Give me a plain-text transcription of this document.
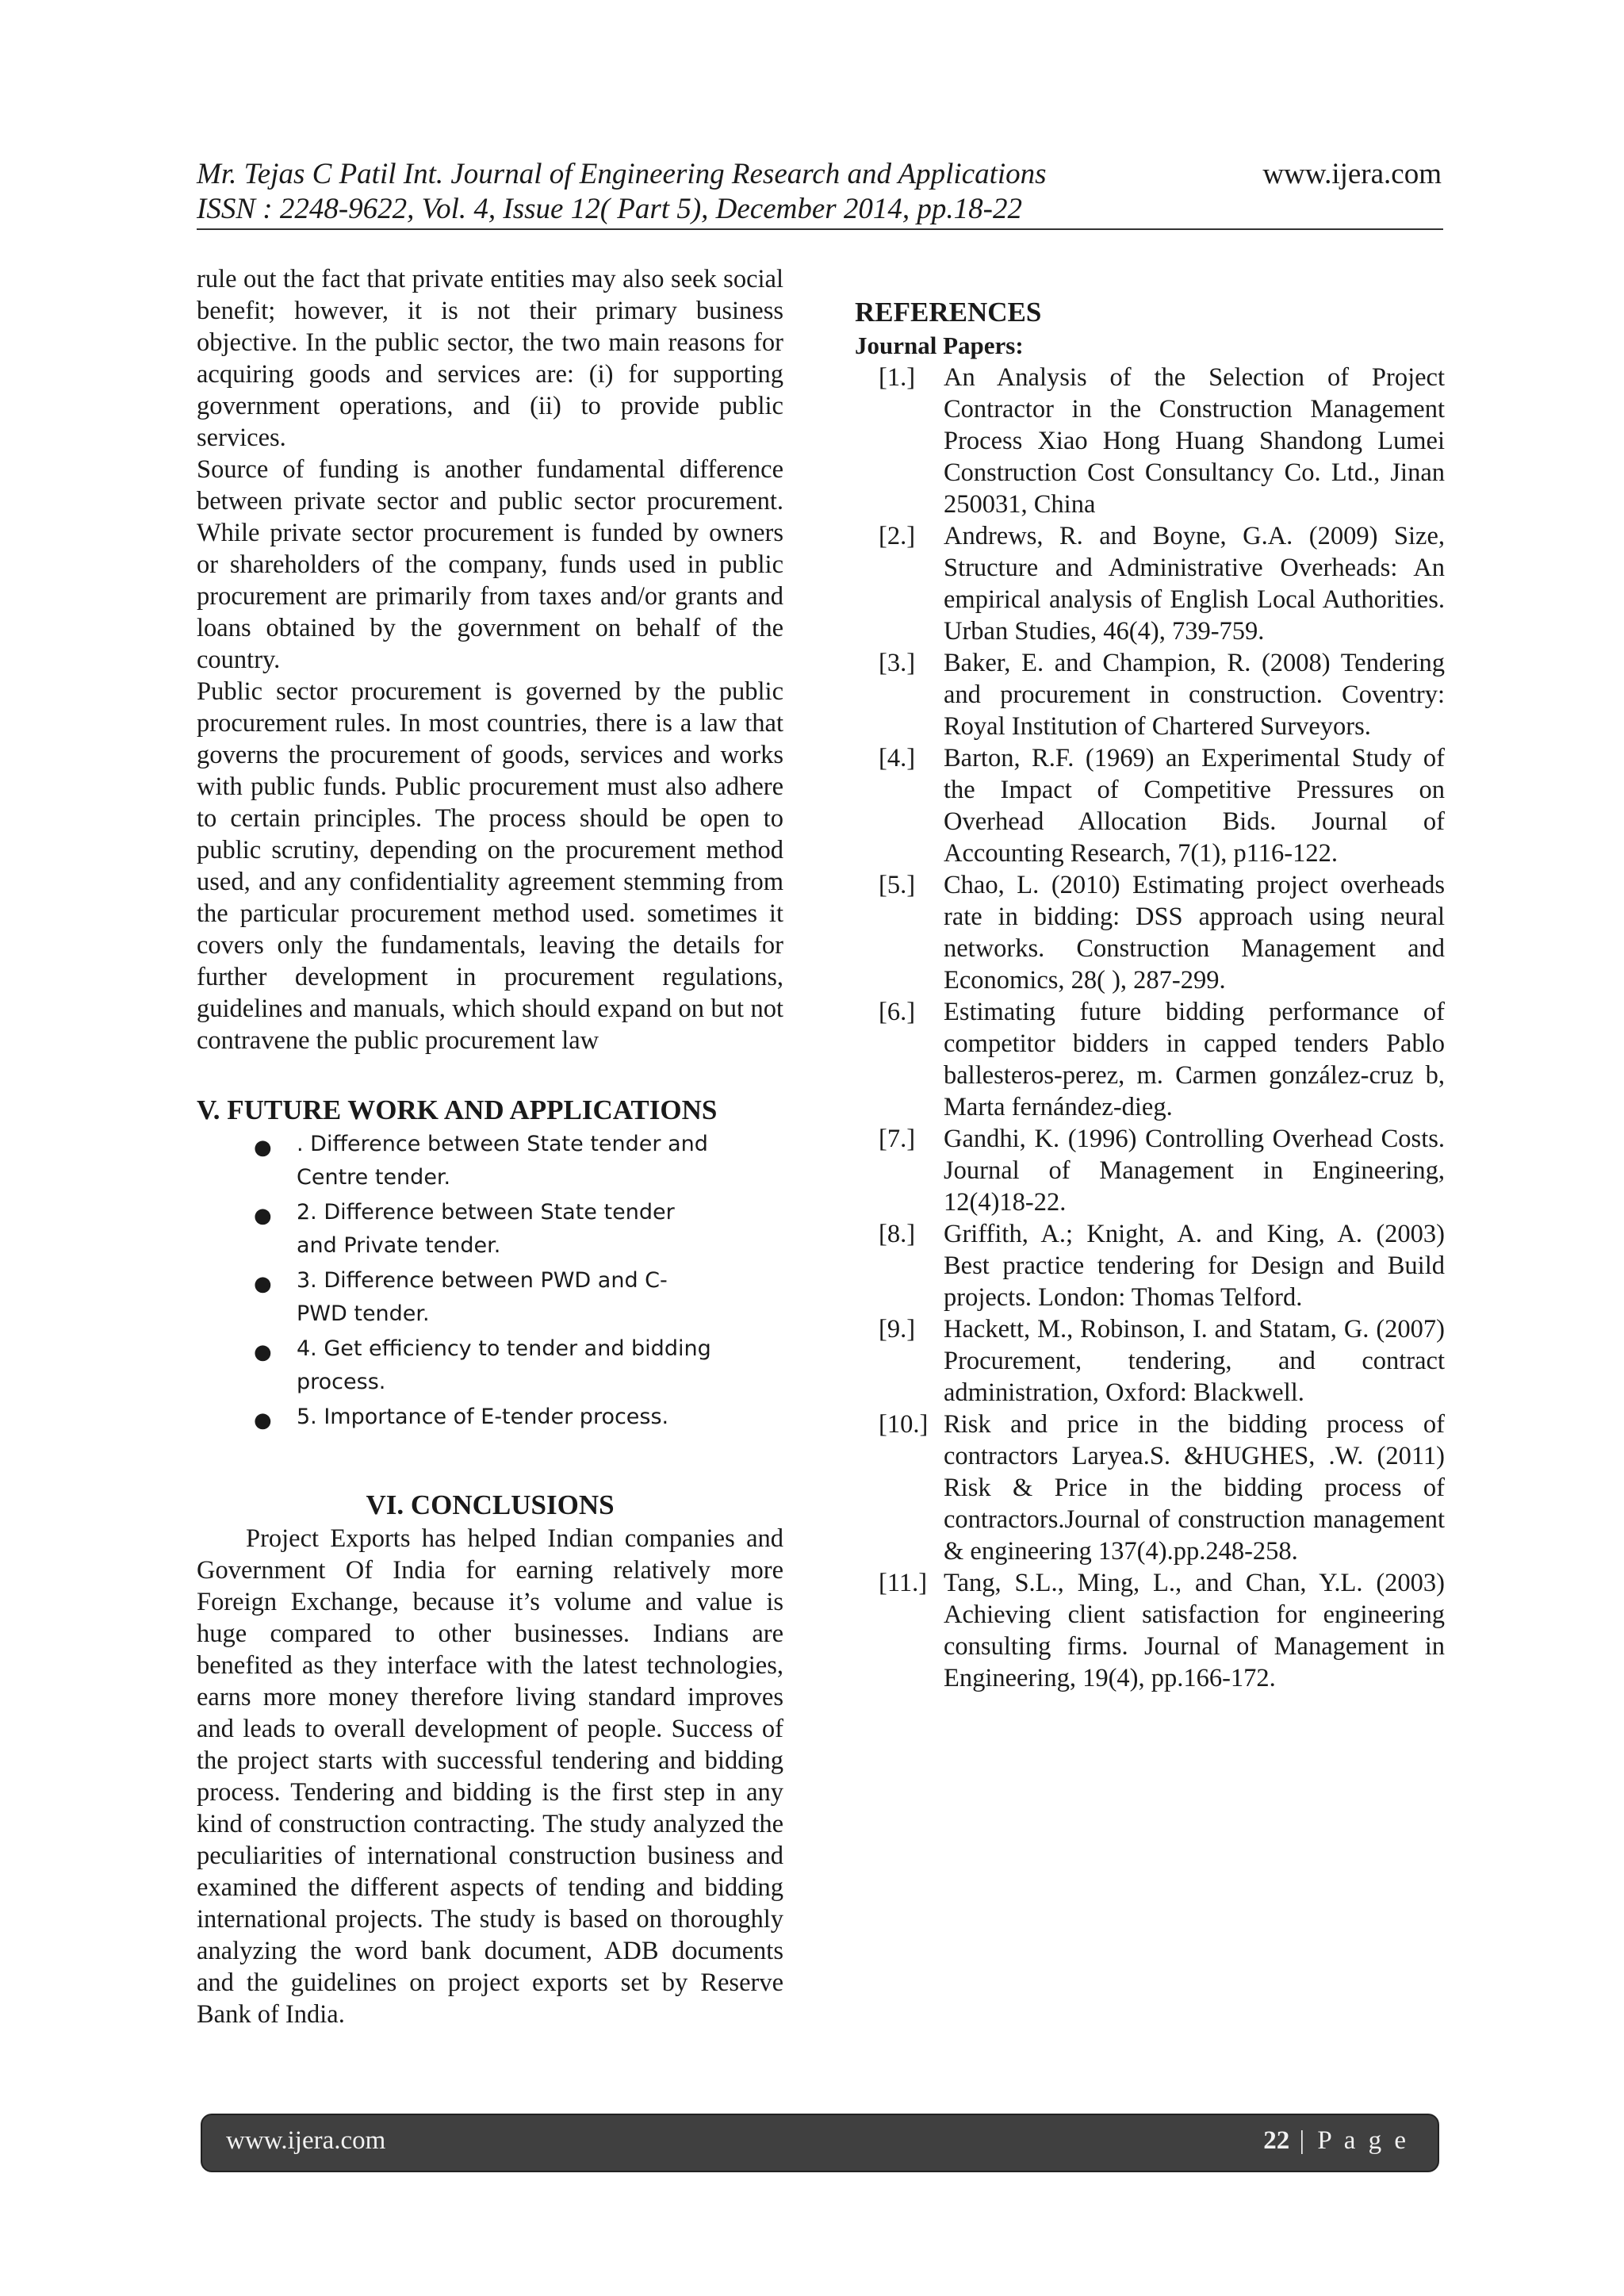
Mr. Tejas C Patil Int. Journal of Engineering Research and Applications	www.ijera.com
ISSN : 2248-9622, Vol. 4, Issue 12( Part 5), December 2014, pp.18-22

rule out the fact that private entities may also seek social benefit; however, it is not their primary business objective. In the public sector, the two main reasons for acquiring goods and services are: (i) for supporting government operations, and (ii) to provide public services.

Source of funding is another fundamental difference between private sector and public sector procurement. While private sector procurement is funded by owners or shareholders of the company, funds used in public procurement are primarily from taxes and/or grants and loans obtained by the government on behalf of the country.

Public sector procurement is governed by the public procurement rules. In most countries, there is a law that governs the procurement of goods, services and works with public funds. Public procurement must also adhere to certain principles. The process should be open to public scrutiny, depending on the procurement method used, and any confidentiality agreement stemming from the particular procurement method used. sometimes it covers only the fundamentals, leaving the details for further development in procurement regulations, guidelines and manuals, which should expand on but not contravene the public procurement law

V. FUTURE WORK AND APPLICATIONS
● . Difference between State tender and Centre tender.
● 2. Difference between State tender and Private tender.
● 3. Difference between PWD and C-PWD tender.
● 4. Get efficiency to tender and bidding process.
● 5. Importance of E-tender process.
VI. CONCLUSIONS

Project Exports has helped Indian companies and Government Of India for earning relatively more Foreign Exchange, because it’s volume and value is huge compared to other businesses. Indians are benefited as they interface with the latest technologies, earns more money therefore living standard improves and leads to overall development of people. Success of the project starts with successful tendering and bidding process. Tendering and bidding is the first step in any kind of construction contracting. The study analyzed the peculiarities of international construction business and examined the different aspects of tending and bidding international projects. The study is based on thoroughly analyzing the word bank document, ADB documents and the guidelines on project exports set by Reserve Bank of India.

REFERENCES
Journal Papers:
[1.] An Analysis of the Selection of Project Contractor in the Construction Management Process Xiao Hong Huang Shandong Lumei Construction Cost Consultancy Co. Ltd., Jinan 250031, China
[2.] Andrews, R. and Boyne, G.A. (2009) Size, Structure and Administrative Overheads: An empirical analysis of English Local Authorities. Urban Studies, 46(4), 739-759.
[3.] Baker, E. and Champion, R. (2008) Tendering and procurement in construction. Coventry: Royal Institution of Chartered Surveyors.
[4.] Barton, R.F. (1969) an Experimental Study of the Impact of Competitive Pressures on Overhead Allocation Bids. Journal of Accounting Research, 7(1), p116-122.
[5.] Chao, L. (2010) Estimating project overheads rate in bidding: DSS approach using neural networks. Construction Management and Economics, 28( ), 287-299.
[6.] Estimating future bidding performance of competitor bidders in capped tenders Pablo ballesteros-perez, m. Carmen gonzález-cruz b, Marta fernández-dieg.
[7.] Gandhi, K. (1996) Controlling Overhead Costs. Journal of Management in Engineering, 12(4)18-22.
[8.] Griffith, A.; Knight, A. and King, A. (2003) Best practice tendering for Design and Build projects. London: Thomas Telford.
[9.] Hackett, M., Robinson, I. and Statam, G. (2007) Procurement, tendering, and contract administration, Oxford: Blackwell.
[10.] Risk and price in the bidding process of contractors Laryea.S. &HUGHES, .W. (2011) Risk & Price in the bidding process of contractors.Journal of construction management & engineering 137(4).pp.248-258.
[11.] Tang, S.L., Ming, L., and Chan, Y.L. (2003) Achieving client satisfaction for engineering consulting firms. Journal of Management in Engineering, 19(4), pp.166-172.
www.ijera.com	22 | P a g e
